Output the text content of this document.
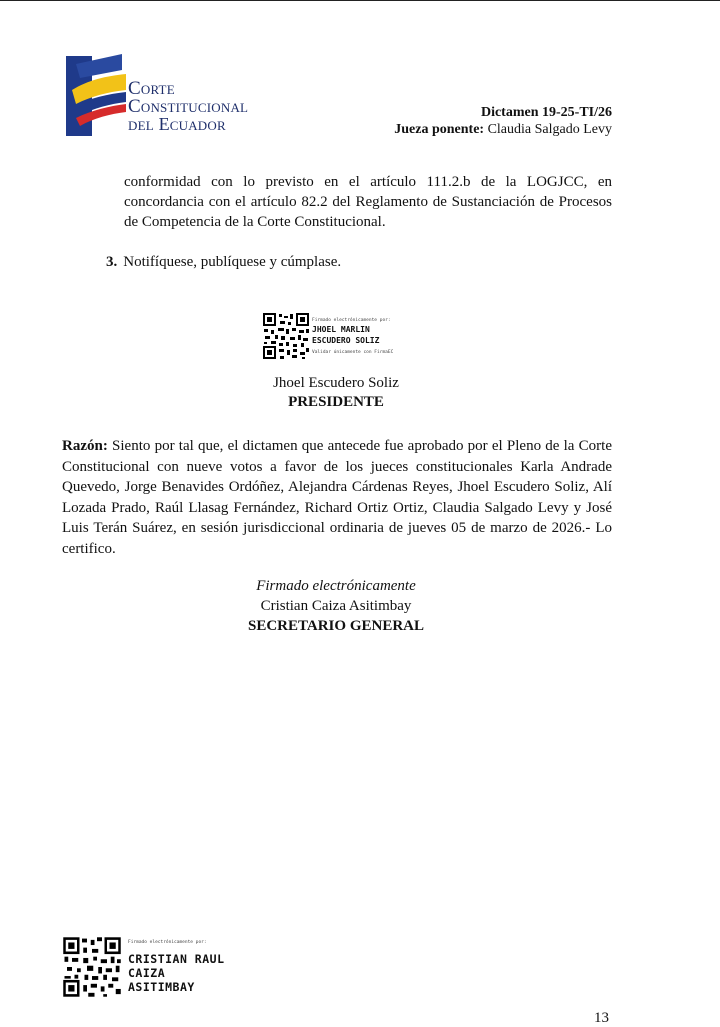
Corte
Constitucional
del Ecuador
Dictamen 19-25-TI/26
Jueza ponente: Claudia Salgado Levy
conformidad con lo previsto en el artículo 111.2.b de la LOGJCC, en concordancia con el artículo 82.2 del Reglamento de Sustanciación de Procesos de Competencia de la Corte Constitucional.
3. Notifíquese, publíquese y cúmplase.
Firmado electrónicamente por:
JHOEL MARLIN
ESCUDERO SOLIZ
Validar únicamente con FirmaEC
Jhoel Escudero Soliz
PRESIDENTE
Razón: Siento por tal que, el dictamen que antecede fue aprobado por el Pleno de la Corte Constitucional con nueve votos a favor de los jueces constitucionales Karla Andrade Quevedo, Jorge Benavides Ordóñez, Alejandra Cárdenas Reyes, Jhoel Escudero Soliz, Alí Lozada Prado, Raúl Llasag Fernández, Richard Ortiz Ortiz, Claudia Salgado Levy y José Luis Terán Suárez, en sesión jurisdiccional ordinaria de jueves 05 de marzo de 2026.- Lo certifico.
Firmado electrónicamente
Cristian Caiza Asitimbay
SECRETARIO GENERAL
Firmado electrónicamente por:
CRISTIAN RAUL
CAIZA
ASITIMBAY
13
